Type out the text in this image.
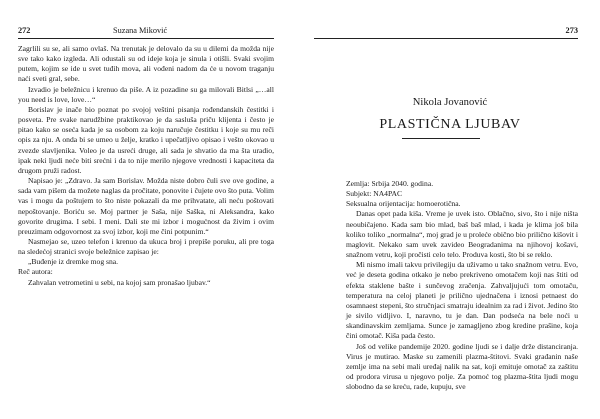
272	Suzana Miković

Zagrlili su se, ali samo ovlaš. Na trenutak je delovalo da su u dilemi da možda nije sve tako kako izgleda. Ali odustali su od ideje koja je sinula i otišli. Svaki svojim putem, kojim se ide u svet tuđih mova, ali vođeni nadom da će u novom traganju naći sveti gral, sebe.

Izvadio je beležnicu i krenuo da piše. A iz pozadine su ga milovali Bitlsi „…all you need is love, love…“

Borislav je inače bio poznat po svojoj veštini pisanja rođendanskih čestitki i posveta. Pre svake narudžbine praktikovao je da sasluša priču klijenta i često je pitao kako se oseća kada je sa osobom za koju naručuje čestitku i koje su mu reči opis za nju. A onda bi se umeo u želje, kratko i upečatljivo opisao i veštо okovao u zvezde slavljenika. Voleo je da usreći druge, ali sada je shvatio da ma šta uradio, ipak neki ljudi neće biti srećni i da to nije merilo njegove vrednosti i kapaciteta da drugom pruži radost.

Napisao je: „Zdravo. Ja sam Borislav. Možda niste dobro čuli sve ove godine, a sada vam pišem da možete naglas da pročitate, ponovite i čujete ovo što puta. Volim vas i mogu da poštujem to što niste pokazali da me prihvatate, ali neću poštovati nepoštovanje. Boriću se. Moj partner je Saša, nije Saška, ni Aleksandra, kako govorite drugima. I sebi. I meni. Dali ste mi izbor i mogućnost da živim i ovim preuzimam odgovornost za svoj izbor, koji me čini potpunim.“

Nasmejao se, uzeo telefon i krenuo da ukuca broj i prepiše poruku, ali pre toga na sledećoj stranici svoje beležnice zapisao je:

„Buđenje iz dremke mog sna.

Reč autora:

Zahvalan vetrometini u sebi, na kojoj sam pronašao ljubav.“

273
Nikola Jovanović
PLASTIČNA LJUBAV

Zemlja: Srbija 2040. godina.

Subjekt: NA4PAC

Seksualna orijentacija: homoerotična.

Danas opet pada kiša. Vreme je uvek isto. Oblačno, sivo, što i nije ništa neoubičajeno. Kada sam bio mlad, baš baš mlad, i kada je klima još bila koliko toliko „normalna“, moj grad je u proleće obično bio prilično kišovit i maglovit. Nekako sam uvek zavideo Beogradanima na njihovoj košavi, snažnom vetru, koji pročisti celo telo. Produva kosti, što bi se reklo.

Mi nismo imali takvu privilegiju da uživamo u tako snažnom vetru. Evo, već je deseta godina otkako je nebo prekriveno omotačem koji nas štiti od efekta staklene bašte i sunčevog zračenja. Zahvaljujući tom omotaču, temperatura na celoj planeti je prilično ujednačena i iznosi petnaest do osamnaest stepeni, što stručnjaci smatraju idealnim za rad i život. Jedino što je sivilo vidljivo. I, naravno, tu je dan. Dan podseća na bele noći u skandinavskim zemljama. Sunce je zamagljeno zbog kredine prašine, koja čini omotač. Kiša pada često.

Još od velike pandemije 2020. godine ljudi se i dalje drže distanciranja. Virus je mutirao. Maske su zamenili plazma-štitovi. Svaki građanin naše zemlje ima na sebi mali uređaj nalik na sat, koji emituje omotač za zaštitu od prodora virusa u njegovo polje. Za pomoć tog plazma-štita ljudi mogu slobodno da se kreću, rade, kupuju, sve
